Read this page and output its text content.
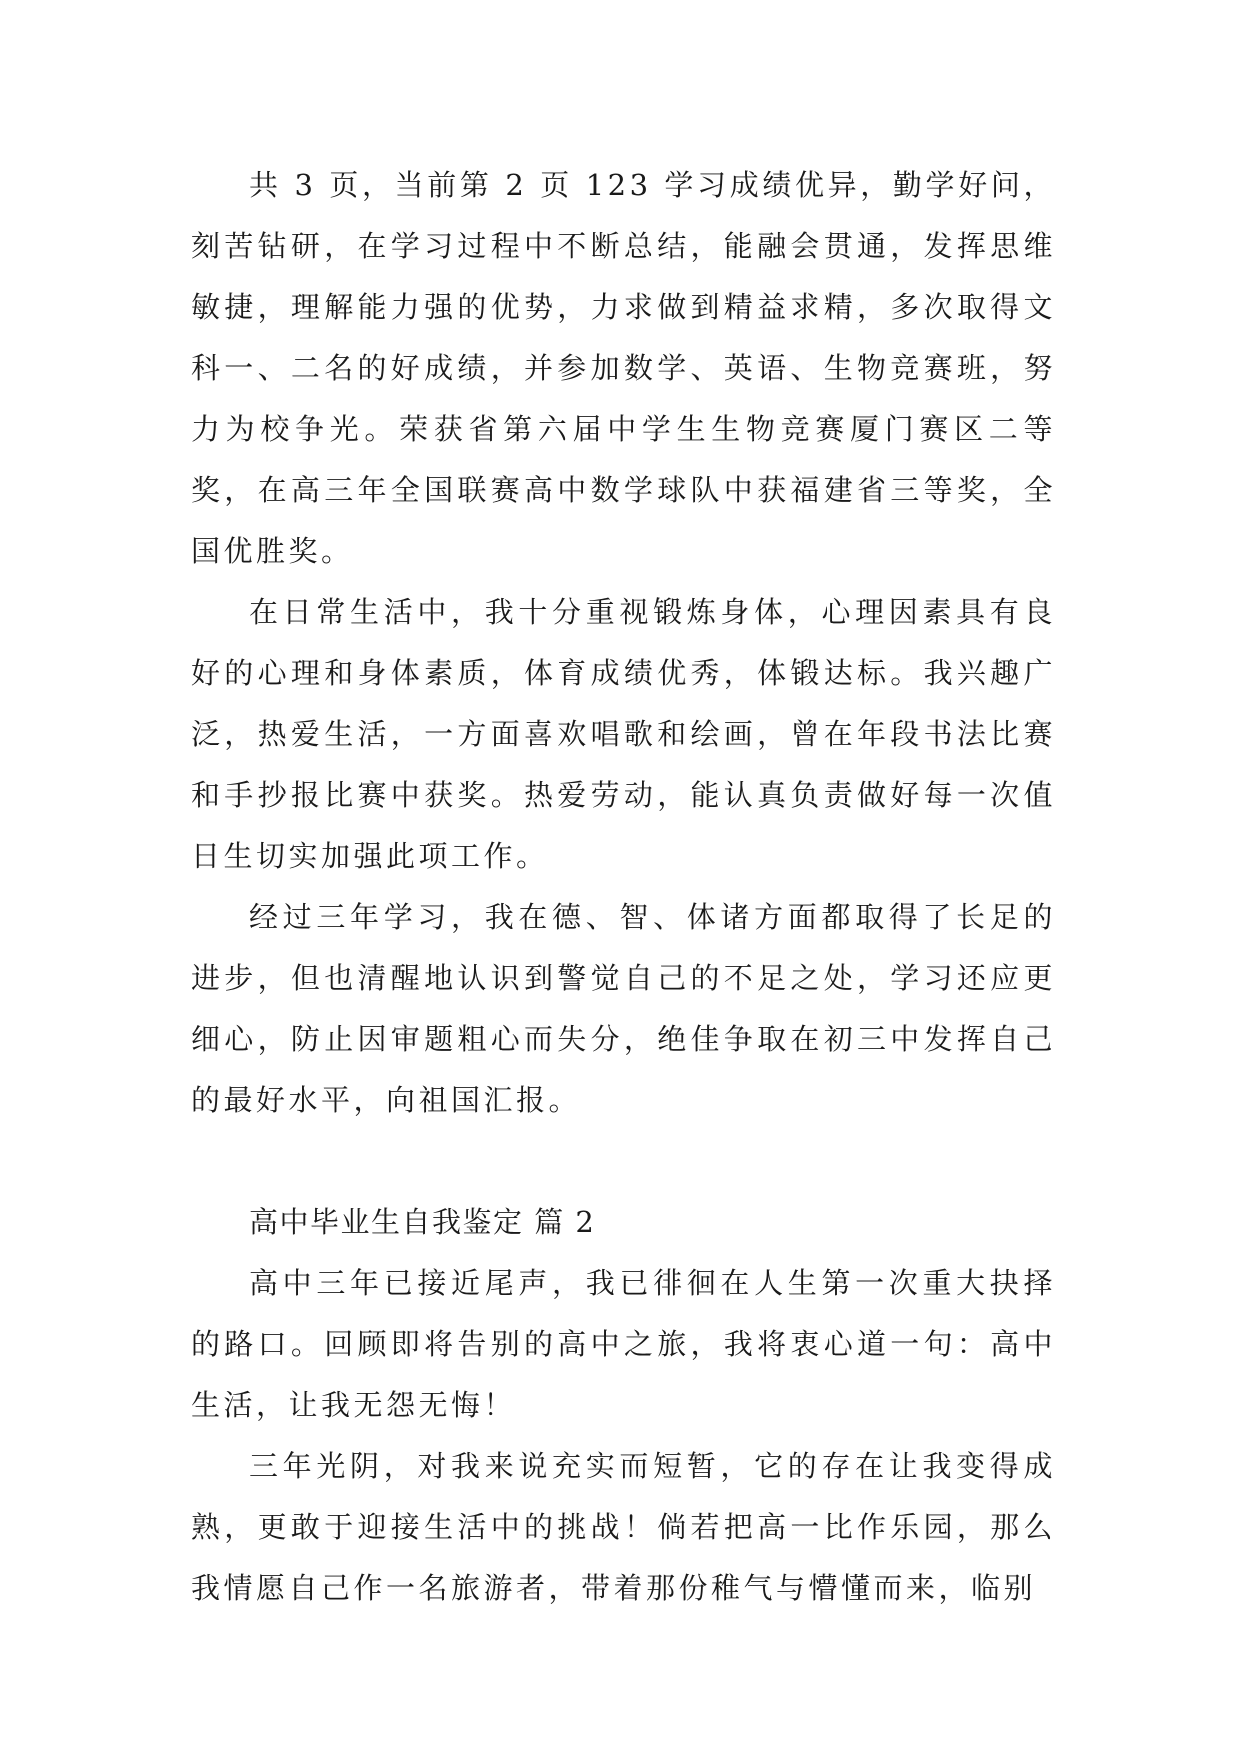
共 3 页，当前第 2 页 123 学习成绩优异，勤学好问，刻苦钻研，在学习过程中不断总结，能融会贯通，发挥思维敏捷，理解能力强的优势，力求做到精益求精，多次取得文科一、二名的好成绩，并参加数学、英语、生物竞赛班，努力为校争光。荣获省第六届中学生生物竞赛厦门赛区二等奖，在高三年全国联赛高中数学球队中获福建省三等奖，全国优胜奖。

在日常生活中，我十分重视锻炼身体，心理因素具有良好的心理和身体素质，体育成绩优秀，体锻达标。我兴趣广泛，热爱生活，一方面喜欢唱歌和绘画，曾在年段书法比赛和手抄报比赛中获奖。热爱劳动，能认真负责做好每一次值日生切实加强此项工作。

经过三年学习，我在德、智、体诸方面都取得了长足的进步，但也清醒地认识到警觉自己的不足之处，学习还应更细心，防止因审题粗心而失分，绝佳争取在初三中发挥自己的最好水平，向祖国汇报。

高中毕业生自我鉴定 篇 2

高中三年已接近尾声，我已徘徊在人生第一次重大抉择的路口。回顾即将告别的高中之旅，我将衷心道一句：高中生活，让我无怨无悔！

三年光阴，对我来说充实而短暂，它的存在让我变得成熟，更敢于迎接生活中的挑战！倘若把高一比作乐园，那么我情愿自己作一名旅游者，带着那份稚气与懵懂而来，临别
